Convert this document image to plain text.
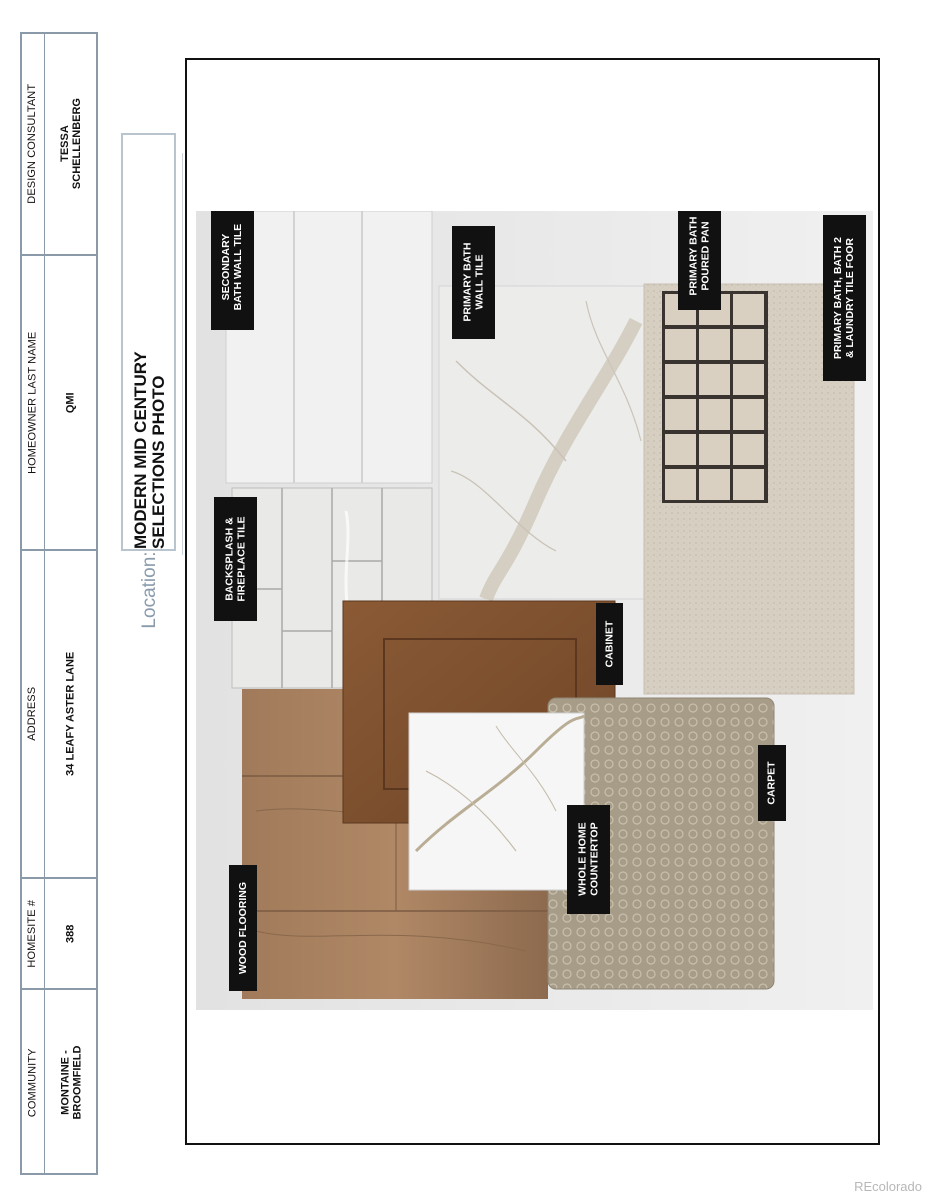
DESIGN CONSULTANT TESSA SCHELLENBERG
HOMEOWNER LAST NAME QMI
ADDRESS 34 LEAFY ASTER LANE
HOMESITE # 388
COMMUNITY MONTAINE - BROOMFIELD
MODERN MID CENTURY
SELECTIONS PHOTO
Location:
SECONDARY BATH WALL TILE	PRIMARY BATH WALL TILE	PRIMARY BATH POURED PAN	PRIMARY BATH, BATH 2 & LAUNDRY TILE FOOR
BACKSPLASH & FIREPLACE TILE
CABINET
CARPET
WHOLE HOME COUNTERTOP
WOOD FLOORING
REcolorado
